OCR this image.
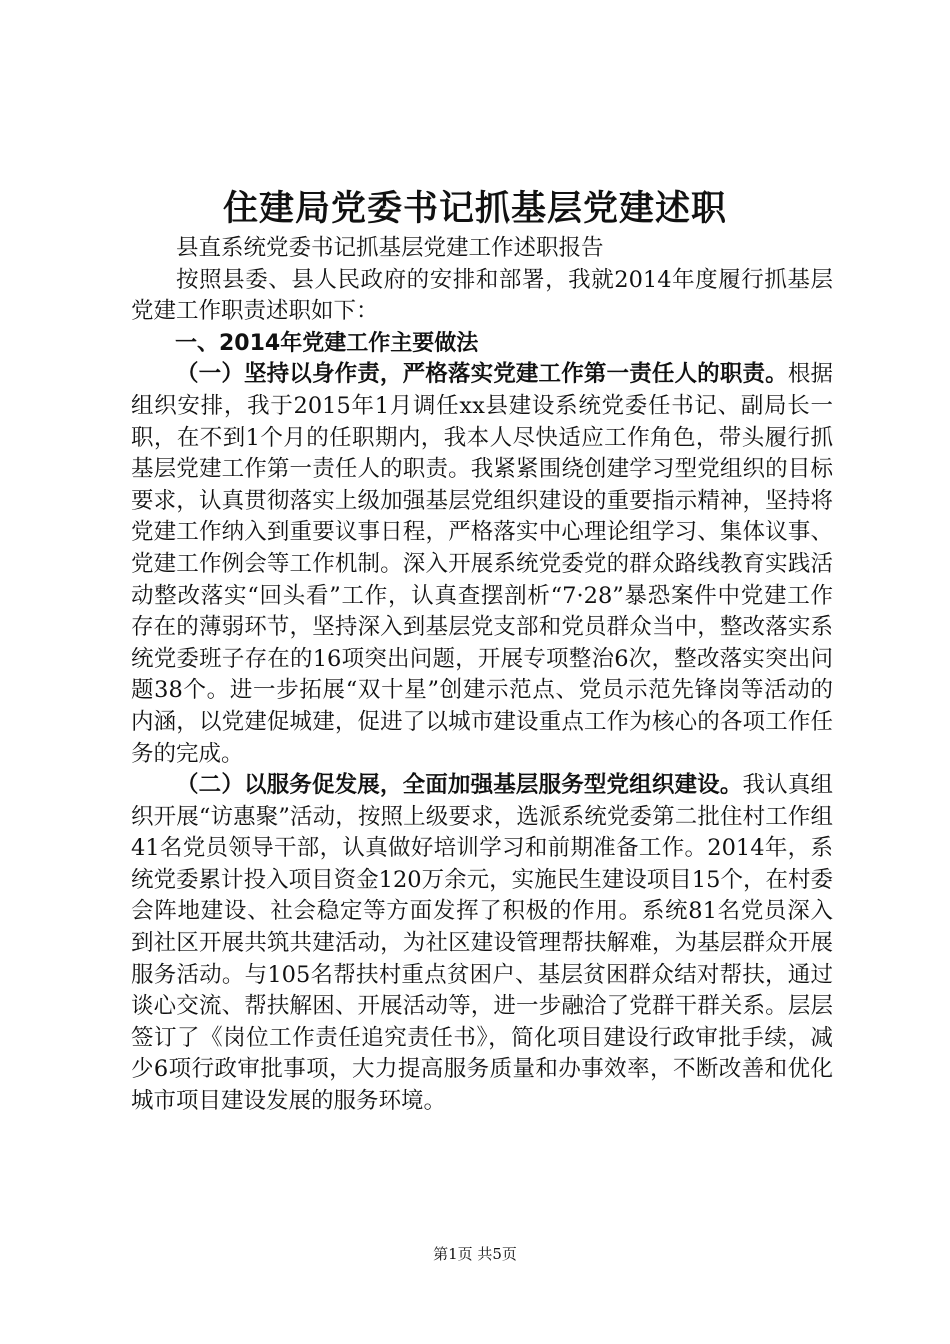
住建局党委书记抓基层党建述职

县直系统党委书记抓基层党建工作述职报告

按照县委、县人民政府的安排和部署，我就2014年度履行抓基层党建工作职责述职如下：

一、2014年党建工作主要做法

（一）坚持以身作责，严格落实党建工作第一责任人的职责。根据组织安排，我于2015年1月调任xx县建设系统党委任书记、副局长一职，在不到1个月的任职期内，我本人尽快适应工作角色，带头履行抓基层党建工作第一责任人的职责。我紧紧围绕创建学习型党组织的目标要求，认真贯彻落实上级加强基层党组织建设的重要指示精神，坚持将党建工作纳入到重要议事日程，严格落实中心理论组学习、集体议事、党建工作例会等工作机制。深入开展系统党委党的群众路线教育实践活动整改落实“回头看”工作，认真查摆剖析“7·28”暴恐案件中党建工作存在的薄弱环节，坚持深入到基层党支部和党员群众当中，整改落实系统党委班子存在的16项突出问题，开展专项整治6次，整改落实突出问题38个。进一步拓展“双十星”创建示范点、党员示范先锋岗等活动的内涵，以党建促城建，促进了以城市建设重点工作为核心的各项工作任务的完成。

（二）以服务促发展，全面加强基层服务型党组织建设。我认真组织开展“访惠聚”活动，按照上级要求，选派系统党委第二批住村工作组41名党员领导干部，认真做好培训学习和前期准备工作。2014年，系统党委累计投入项目资金120万余元，实施民生建设项目15个，在村委会阵地建设、社会稳定等方面发挥了积极的作用。系统81名党员深入到社区开展共筑共建活动，为社区建设管理帮扶解难，为基层群众开展服务活动。与105名帮扶村重点贫困户、基层贫困群众结对帮扶，通过谈心交流、帮扶解困、开展活动等，进一步融洽了党群干群关系。层层签订了《岗位工作责任追究责任书》，简化项目建设行政审批手续，减少6项行政审批事项，大力提高服务质量和办事效率，不断改善和优化城市项目建设发展的服务环境。

第1页 共5页
